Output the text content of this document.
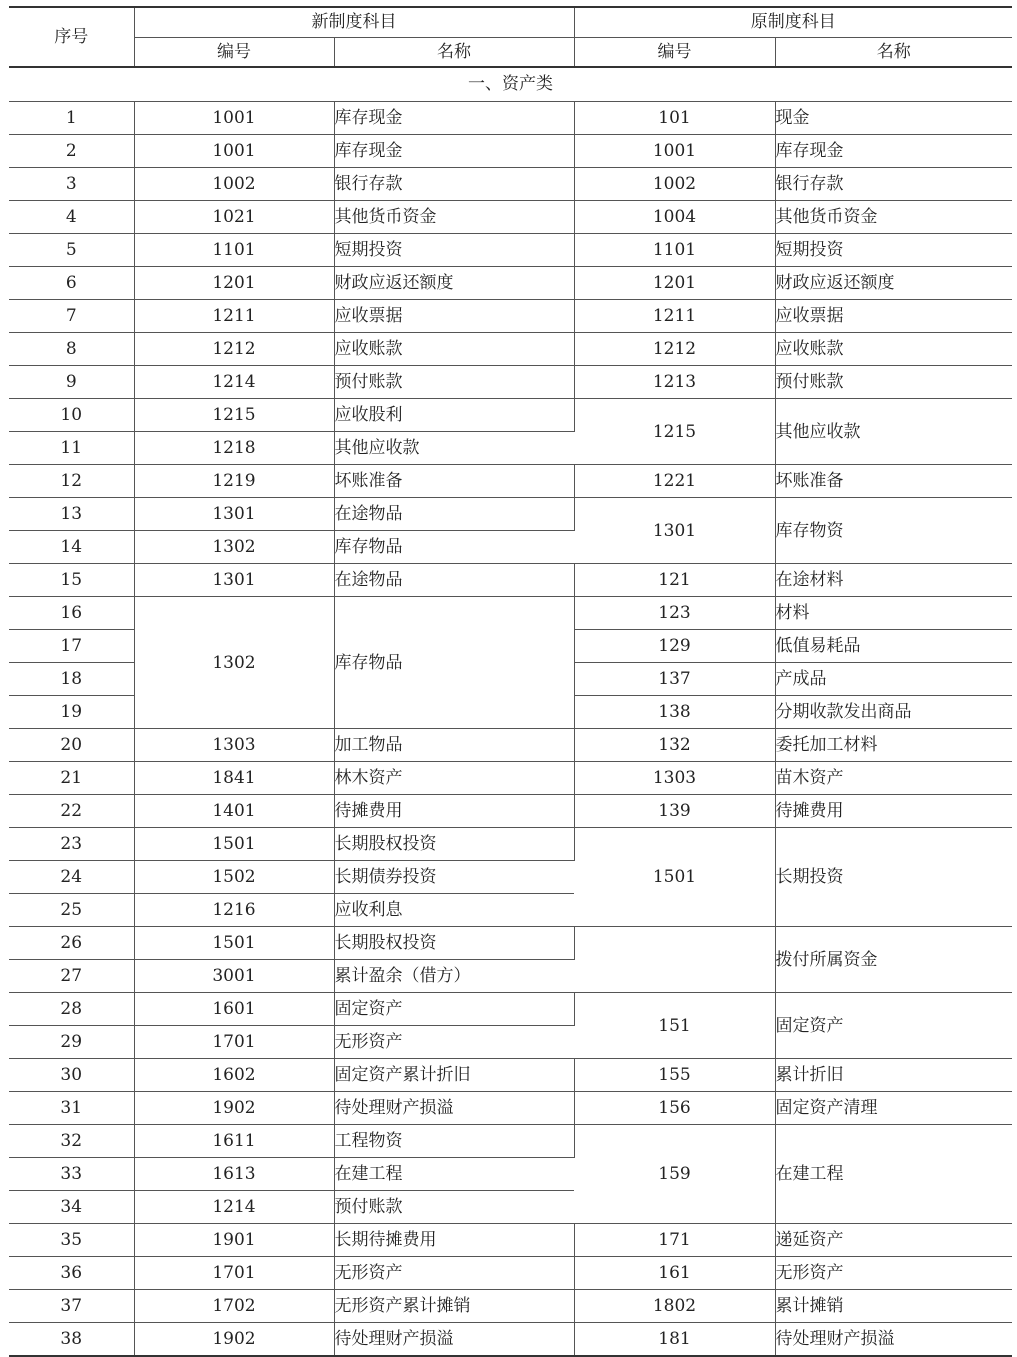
序号	新制度科目		原制度科目	
	编号	名称	编号	名称
一、资产类				
1	1001	库存现金	101	现金
2	1001	库存现金	1001	库存现金
3	1002	银行存款	1002	银行存款
4	1021	其他货币资金	1004	其他货币资金
5	1101	短期投资	1101	短期投资
6	1201	财政应返还额度	1201	财政应返还额度
7	1211	应收票据	1211	应收票据
8	1212	应收账款	1212	应收账款
9	1214	预付账款	1213	预付账款
10	1215	应收股利	1215	其他应收款
11	1218	其他应收款		
12	1219	坏账准备	1221	坏账准备
13	1301	在途物品	1301	库存物资
14	1302	库存物品		
15	1301	在途物品	121	在途材料
16	1302	库存物品	123	材料
17			129	低值易耗品
18			137	产成品
19			138	分期收款发出商品
20	1303	加工物品	132	委托加工材料
21	1841	林木资产	1303	苗木资产
22	1401	待摊费用	139	待摊费用
23	1501	长期股权投资	1501	长期投资
24	1502	长期债券投资		
25	1216	应收利息		
26	1501	长期股权投资		拨付所属资金
27	3001	累计盈余（借方）		
28	1601	固定资产	151	固定资产
29	1701	无形资产		
30	1602	固定资产累计折旧	155	累计折旧
31	1902	待处理财产损溢	156	固定资产清理
32	1611	工程物资	159	在建工程
33	1613	在建工程		
34	1214	预付账款		
35	1901	长期待摊费用	171	递延资产
36	1701	无形资产	161	无形资产
37	1702	无形资产累计摊销	1802	累计摊销
38	1902	待处理财产损溢	181	待处理财产损溢
